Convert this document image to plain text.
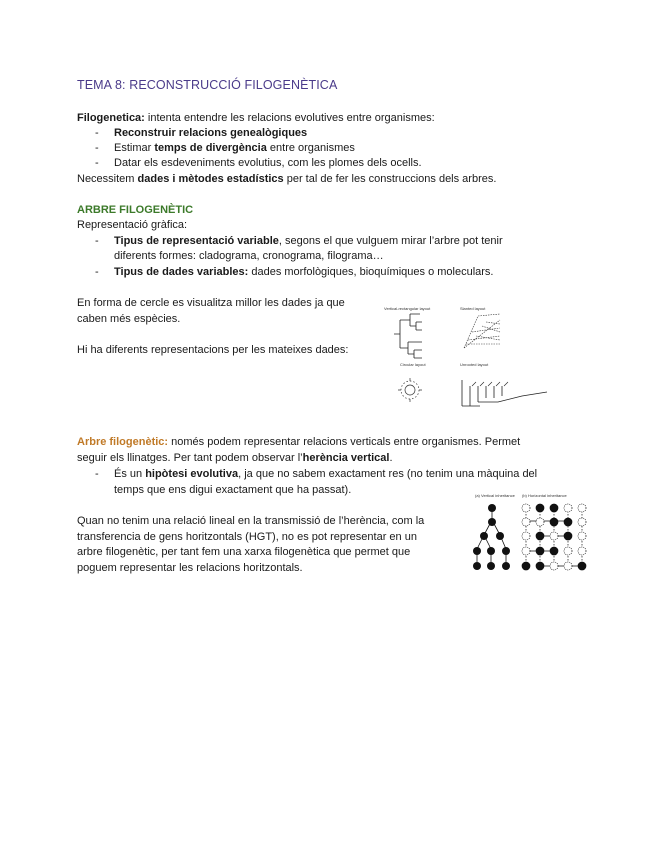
TEMA 8: RECONSTRUCCIÓ FILOGENÈTICA
Filogenetica: intenta entendre les relacions evolutives entre organismes:
- Reconstruir relacions genealògiques
- Estimar temps de divergència entre organismes
- Datar els esdeveniments evolutius, com les plomes dels ocells.
Necessitem dades i mètodes estadístics per tal de fer les construccions dels arbres.
ARBRE FILOGENÈTIC
Representació gràfica:
- Tipus de representació variable, segons el que vulguem mirar l’arbre pot tenir
diferents formes: cladograma, cronograma, filograma…
- Tipus de dades variables: dades morfològiques, bioquímiques o moleculars.
En forma de cercle es visualitza millor les dades ja que
caben més espècies.
Hi ha diferents representacions per les mateixes dades:
Vertical-rectangular layout	Slanted layout
Circular layout	Unrooted layout
Arbre filogenètic: només podem representar relacions verticals entre organismes. Permet
seguir els llinatges. Per tant podem observar l’herència vertical.
- És un hipòtesi evolutiva, ja que no sabem exactament res (no tenim una màquina del
temps que ens digui exactament que ha passat).
Quan no tenim una relació lineal en la transmissió de l’herència, com la
transferencia de gens horitzontals (HGT), no es pot representar en un
arbre filogenètic, per tant fem una xarxa filogenètica que permet que
poguem representar les relacions horitzontals.
(a) Vertical inheritance (b) Horizontal inheritance
